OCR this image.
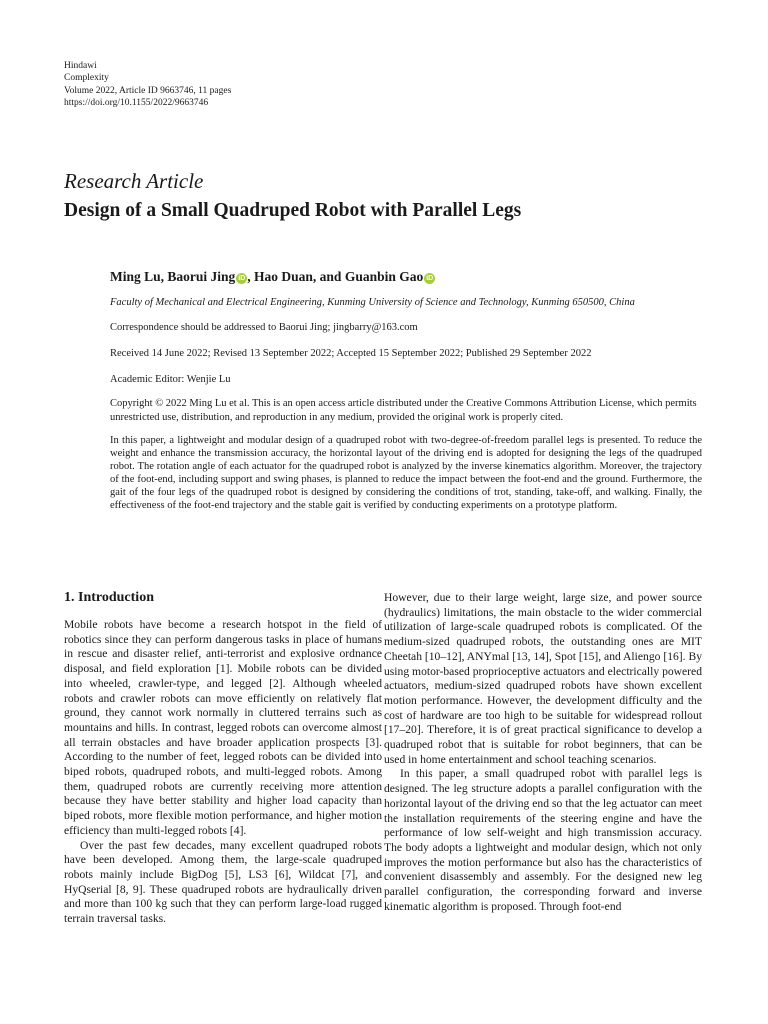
Hindawi
Complexity
Volume 2022, Article ID 9663746, 11 pages
https://doi.org/10.1155/2022/9663746
Research Article
Design of a Small Quadruped Robot with Parallel Legs
Ming Lu, Baorui Jing iD , Hao Duan, and Guanbin Gao iD
Faculty of Mechanical and Electrical Engineering, Kunming University of Science and Technology, Kunming 650500, China
Correspondence should be addressed to Baorui Jing; jingbarry@163.com
Received 14 June 2022; Revised 13 September 2022; Accepted 15 September 2022; Published 29 September 2022
Academic Editor: Wenjie Lu
Copyright © 2022 Ming Lu et al. This is an open access article distributed under the Creative Commons Attribution License, which permits unrestricted use, distribution, and reproduction in any medium, provided the original work is properly cited.
In this paper, a lightweight and modular design of a quadruped robot with two-degree-of-freedom parallel legs is presented. To reduce the weight and enhance the transmission accuracy, the horizontal layout of the driving end is adopted for designing the legs of the quadruped robot. The rotation angle of each actuator for the quadruped robot is analyzed by the inverse kinematics algorithm. Moreover, the trajectory of the foot-end, including support and swing phases, is planned to reduce the impact between the foot-end and the ground. Furthermore, the gait of the four legs of the quadruped robot is designed by considering the conditions of trot, standing, take-off, and walking. Finally, the effectiveness of the foot-end trajectory and the stable gait is verified by conducting experiments on a prototype platform.
1. Introduction

Mobile robots have become a research hotspot in the field of robotics since they can perform dangerous tasks in place of humans in rescue and disaster relief, anti-terrorist and explosive ordnance disposal, and field exploration [1]. Mobile robots can be divided into wheeled, crawler-type, and legged [2]. Although wheeled robots and crawler robots can move efficiently on relatively flat ground, they cannot work normally in cluttered terrains such as mountains and hills. In contrast, legged robots can overcome almost all terrain obstacles and have broader application prospects [3]. According to the number of feet, legged robots can be divided into biped robots, quadruped robots, and multi-legged robots. Among them, quadruped robots are currently receiving more attention because they have better stability and higher load capacity than biped robots, more flexible motion performance, and higher motion efficiency than multi-legged robots [4].

Over the past few decades, many excellent quadruped robots have been developed. Among them, the large-scale quadruped robots mainly include BigDog [5], LS3 [6], Wildcat [7], and HyQserial [8, 9]. These quadruped robots are hydraulically driven and more than 100 kg such that they can perform large-load rugged terrain traversal tasks.

However, due to their large weight, large size, and power source (hydraulics) limitations, the main obstacle to the wider commercial utilization of large-scale quadruped robots is complicated. Of the medium-sized quadruped robots, the outstanding ones are MIT Cheetah [10–12], ANYmal [13, 14], Spot [15], and Aliengo [16]. By using motor-based proprioceptive actuators and electrically powered actuators, medium-sized quadruped robots have shown excellent motion performance. However, the development difficulty and the cost of hardware are too high to be suitable for widespread rollout [17–20]. Therefore, it is of great practical significance to develop a quadruped robot that is suitable for robot beginners, that can be used in home entertainment and school teaching scenarios.

In this paper, a small quadruped robot with parallel legs is designed. The leg structure adopts a parallel configuration with the horizontal layout of the driving end so that the leg actuator can meet the installation requirements of the steering engine and have the performance of low self-weight and high transmission accuracy. The body adopts a lightweight and modular design, which not only improves the motion performance but also has the characteristics of convenient disassembly and assembly. For the designed new leg parallel configuration, the corresponding forward and inverse kinematic algorithm is proposed. Through foot-end
